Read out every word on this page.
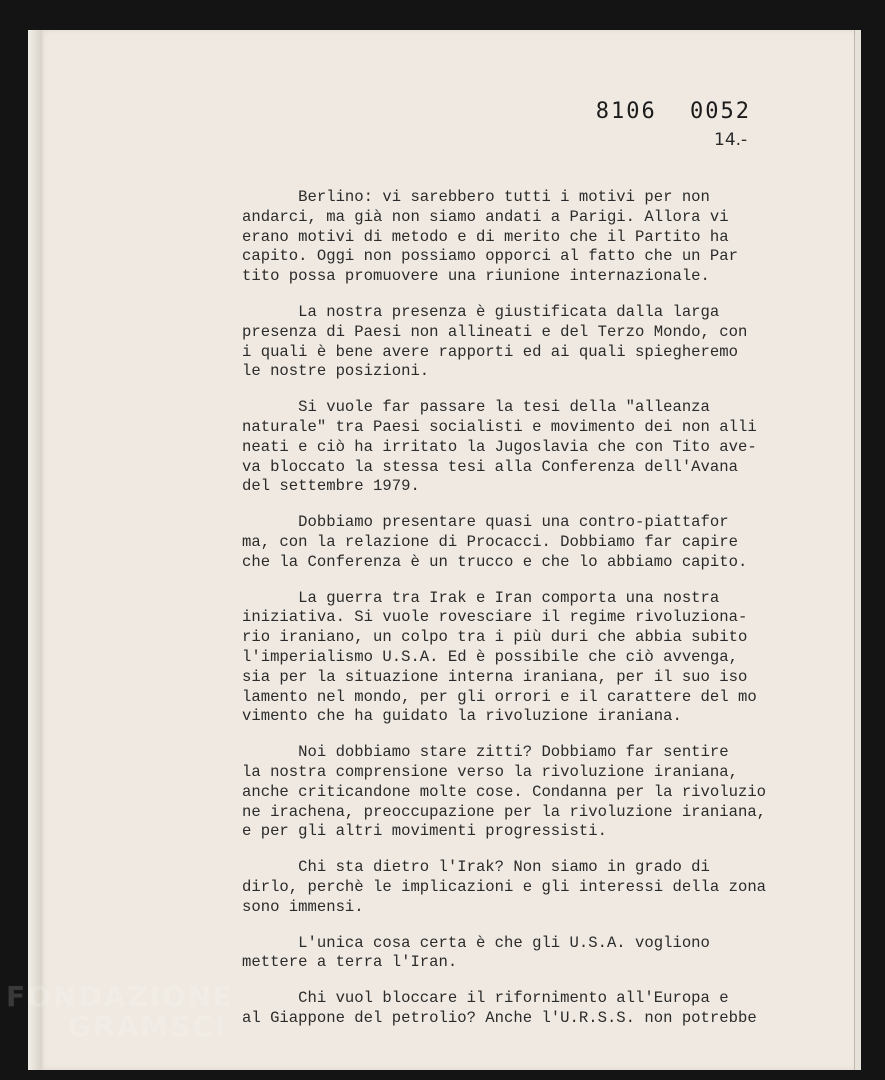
8106 0052
14.-
Berlino: vi sarebbero tutti i motivi per non
andarci, ma già non siamo andati a Parigi. Allora vi
erano motivi di metodo e di merito che il Partito ha
capito. Oggi non possiamo opporci al fatto che un Par
tito possa promuovere una riunione internazionale.
La nostra presenza è giustificata dalla larga
presenza di Paesi non allineati e del Terzo Mondo, con
i quali è bene avere rapporti ed ai quali spiegheremo
le nostre posizioni.
Si vuole far passare la tesi della "alleanza
naturale" tra Paesi socialisti e movimento dei non alli
neati e ciò ha irritato la Jugoslavia che con Tito ave-
va bloccato la stessa tesi alla Conferenza dell'Avana
del settembre 1979.
Dobbiamo presentare quasi una contro-piattafor
ma, con la relazione di Procacci. Dobbiamo far capire
che la Conferenza è un trucco e che lo abbiamo capito.
La guerra tra Irak e Iran comporta una nostra
iniziativa. Si vuole rovesciare il regime rivoluziona-
rio iraniano, un colpo tra i più duri che abbia subito
l'imperialismo U.S.A. Ed è possibile che ciò avvenga,
sia per la situazione interna iraniana, per il suo iso
lamento nel mondo, per gli orrori e il carattere del mo
vimento che ha guidato la rivoluzione iraniana.
Noi dobbiamo stare zitti? Dobbiamo far sentire
la nostra comprensione verso la rivoluzione iraniana,
anche criticandone molte cose. Condanna per la rivoluzio
ne irachena, preoccupazione per la rivoluzione iraniana,
e per gli altri movimenti progressisti.
Chi sta dietro l'Irak? Non siamo in grado di
dirlo, perchè le implicazioni e gli interessi della zona
sono immensi.
L'unica cosa certa è che gli U.S.A. vogliono
mettere a terra l'Iran.
Chi vuol bloccare il rifornimento all'Europa e
al Giappone del petrolio? Anche l'U.R.S.S. non potrebbe
FONDAZIONE
GRAMSCI
